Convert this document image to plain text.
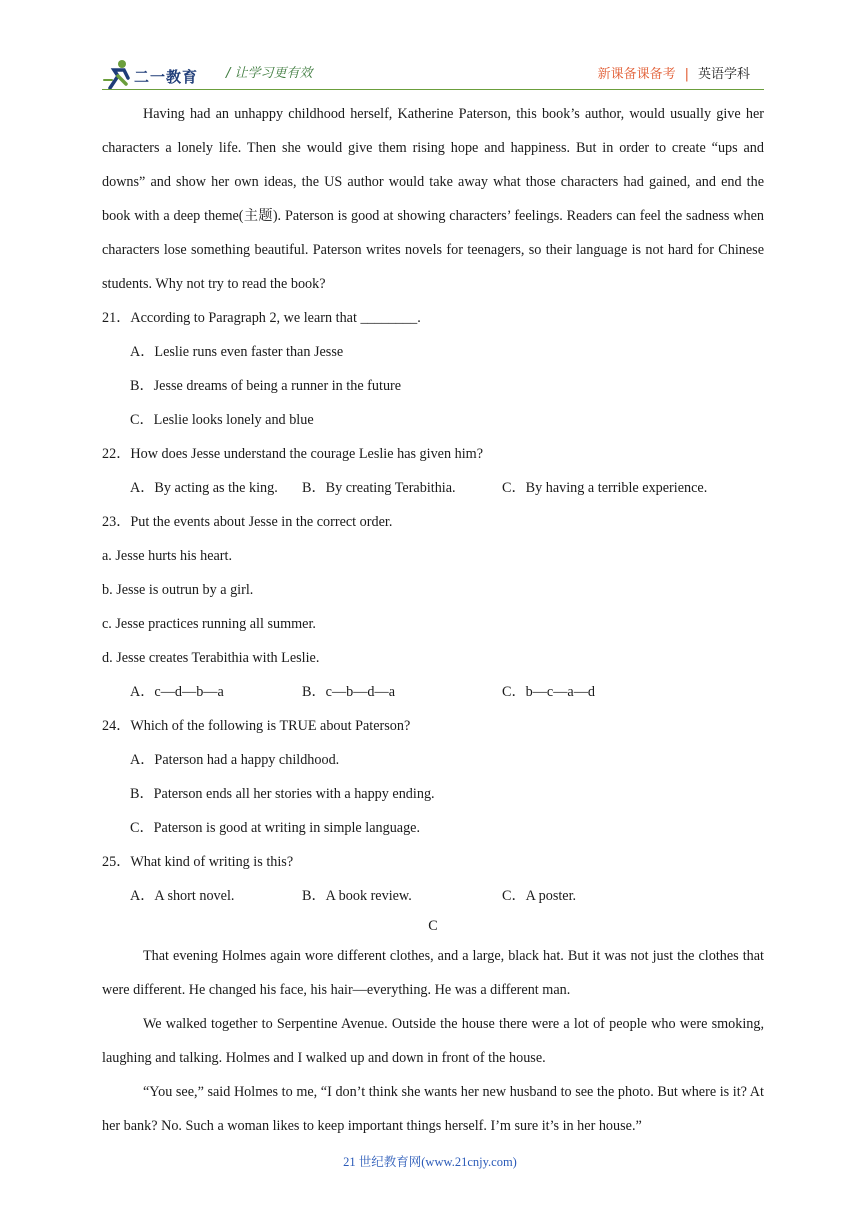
二一教育 / 让学习更有效	新课备课备考 | 英语学科

Having had an unhappy childhood herself, Katherine Paterson, this book’s author, would usually give her characters a lonely life. Then she would give them rising hope and happiness. But in order to create “ups and downs” and show her own ideas, the US author would take away what those characters had gained, and end the book with a deep theme(主题). Paterson is good at showing characters’ feelings. Readers can feel the sadness when characters lose something beautiful. Paterson writes novels for teenagers, so their language is not hard for Chinese students. Why not try to read the book?

21．According to Paragraph 2, we learn that ________.

A．Leslie runs even faster than Jesse

B．Jesse dreams of being a runner in the future

C．Leslie looks lonely and blue

22．How does Jesse understand the courage Leslie has given him?

A．By acting as the king. B．By creating Terabithia.	C．By having a terrible experience.

23．Put the events about Jesse in the correct order.

a. Jesse hurts his heart.

b. Jesse is outrun by a girl.

c. Jesse practices running all summer.

d. Jesse creates Terabithia with Leslie.

A．c—d—b—a	B．c—b—d—a	C．b—c—a—d

24．Which of the following is TRUE about Paterson?

A．Paterson had a happy childhood.

B．Paterson ends all her stories with a happy ending.

C．Paterson is good at writing in simple language.

25．What kind of writing is this?

A．A short novel.	B．A book review.	C．A poster.

C

That evening Holmes again wore different clothes, and a large, black hat. But it was not just the clothes that were different. He changed his face, his hair—everything. He was a different man.

We walked together to Serpentine Avenue. Outside the house there were a lot of people who were smoking, laughing and talking. Holmes and I walked up and down in front of the house.

“You see,” said Holmes to me, “I don’t think she wants her new husband to see the photo. But where is it? At her bank? No. Such a woman likes to keep important things herself. I’m sure it’s in her house.”

21 世纪教育网(www.21cnjy.com)
